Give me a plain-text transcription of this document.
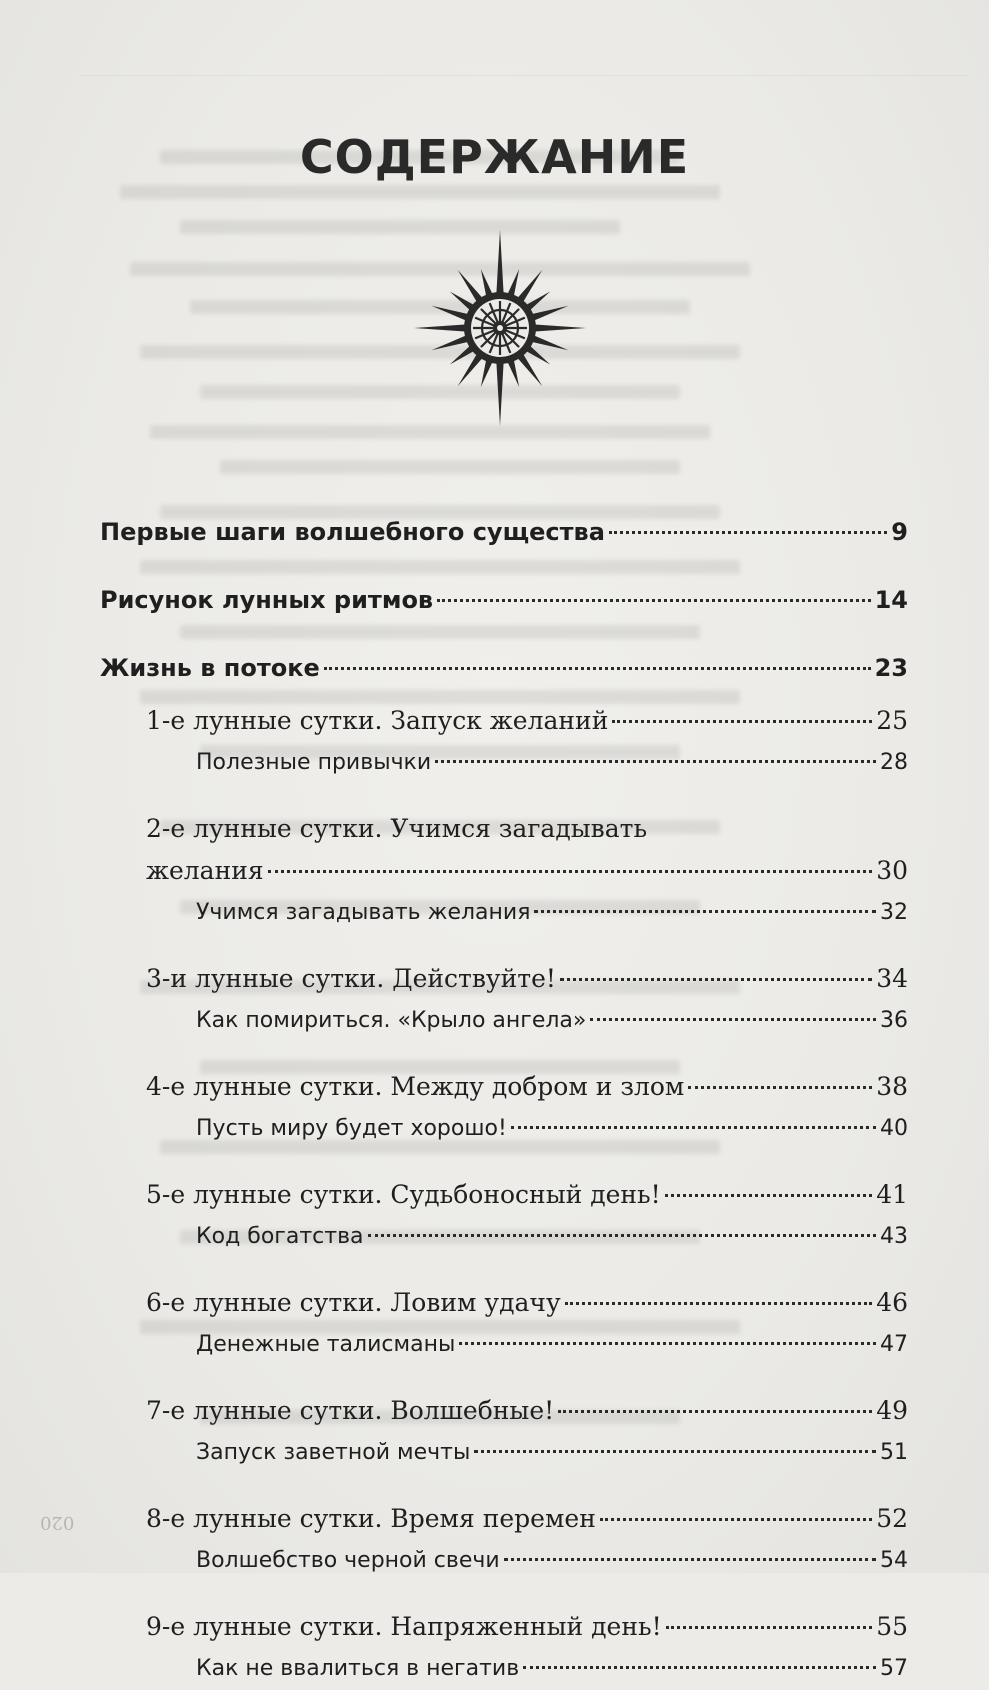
СОДЕРЖАНИЕ
Первые шаги волшебного существа	9
Рисунок лунных ритмов	14
Жизнь в потоке	23
1-е лунные сутки. Запуск желаний	25
Полезные привычки	28
2-е лунные сутки. Учимся загадывать
желания	30
Учимся загадывать желания	32
3-и лунные сутки. Действуйте!	34
Как помириться. «Крыло ангела»	36
4-е лунные сутки. Между добром и злом	38
Пусть миру будет хорошо!	40
5-е лунные сутки. Судьбоносный день!	41
Код богатства	43
6-е лунные сутки. Ловим удачу	46
Денежные талисманы	47
7-е лунные сутки. Волшебные!	49
Запуск заветной мечты	51
8-е лунные сутки. Время перемен	52
Волшебство черной свечи	54
9-е лунные сутки. Напряженный день!	55
Как не ввалиться в негатив	57
020
